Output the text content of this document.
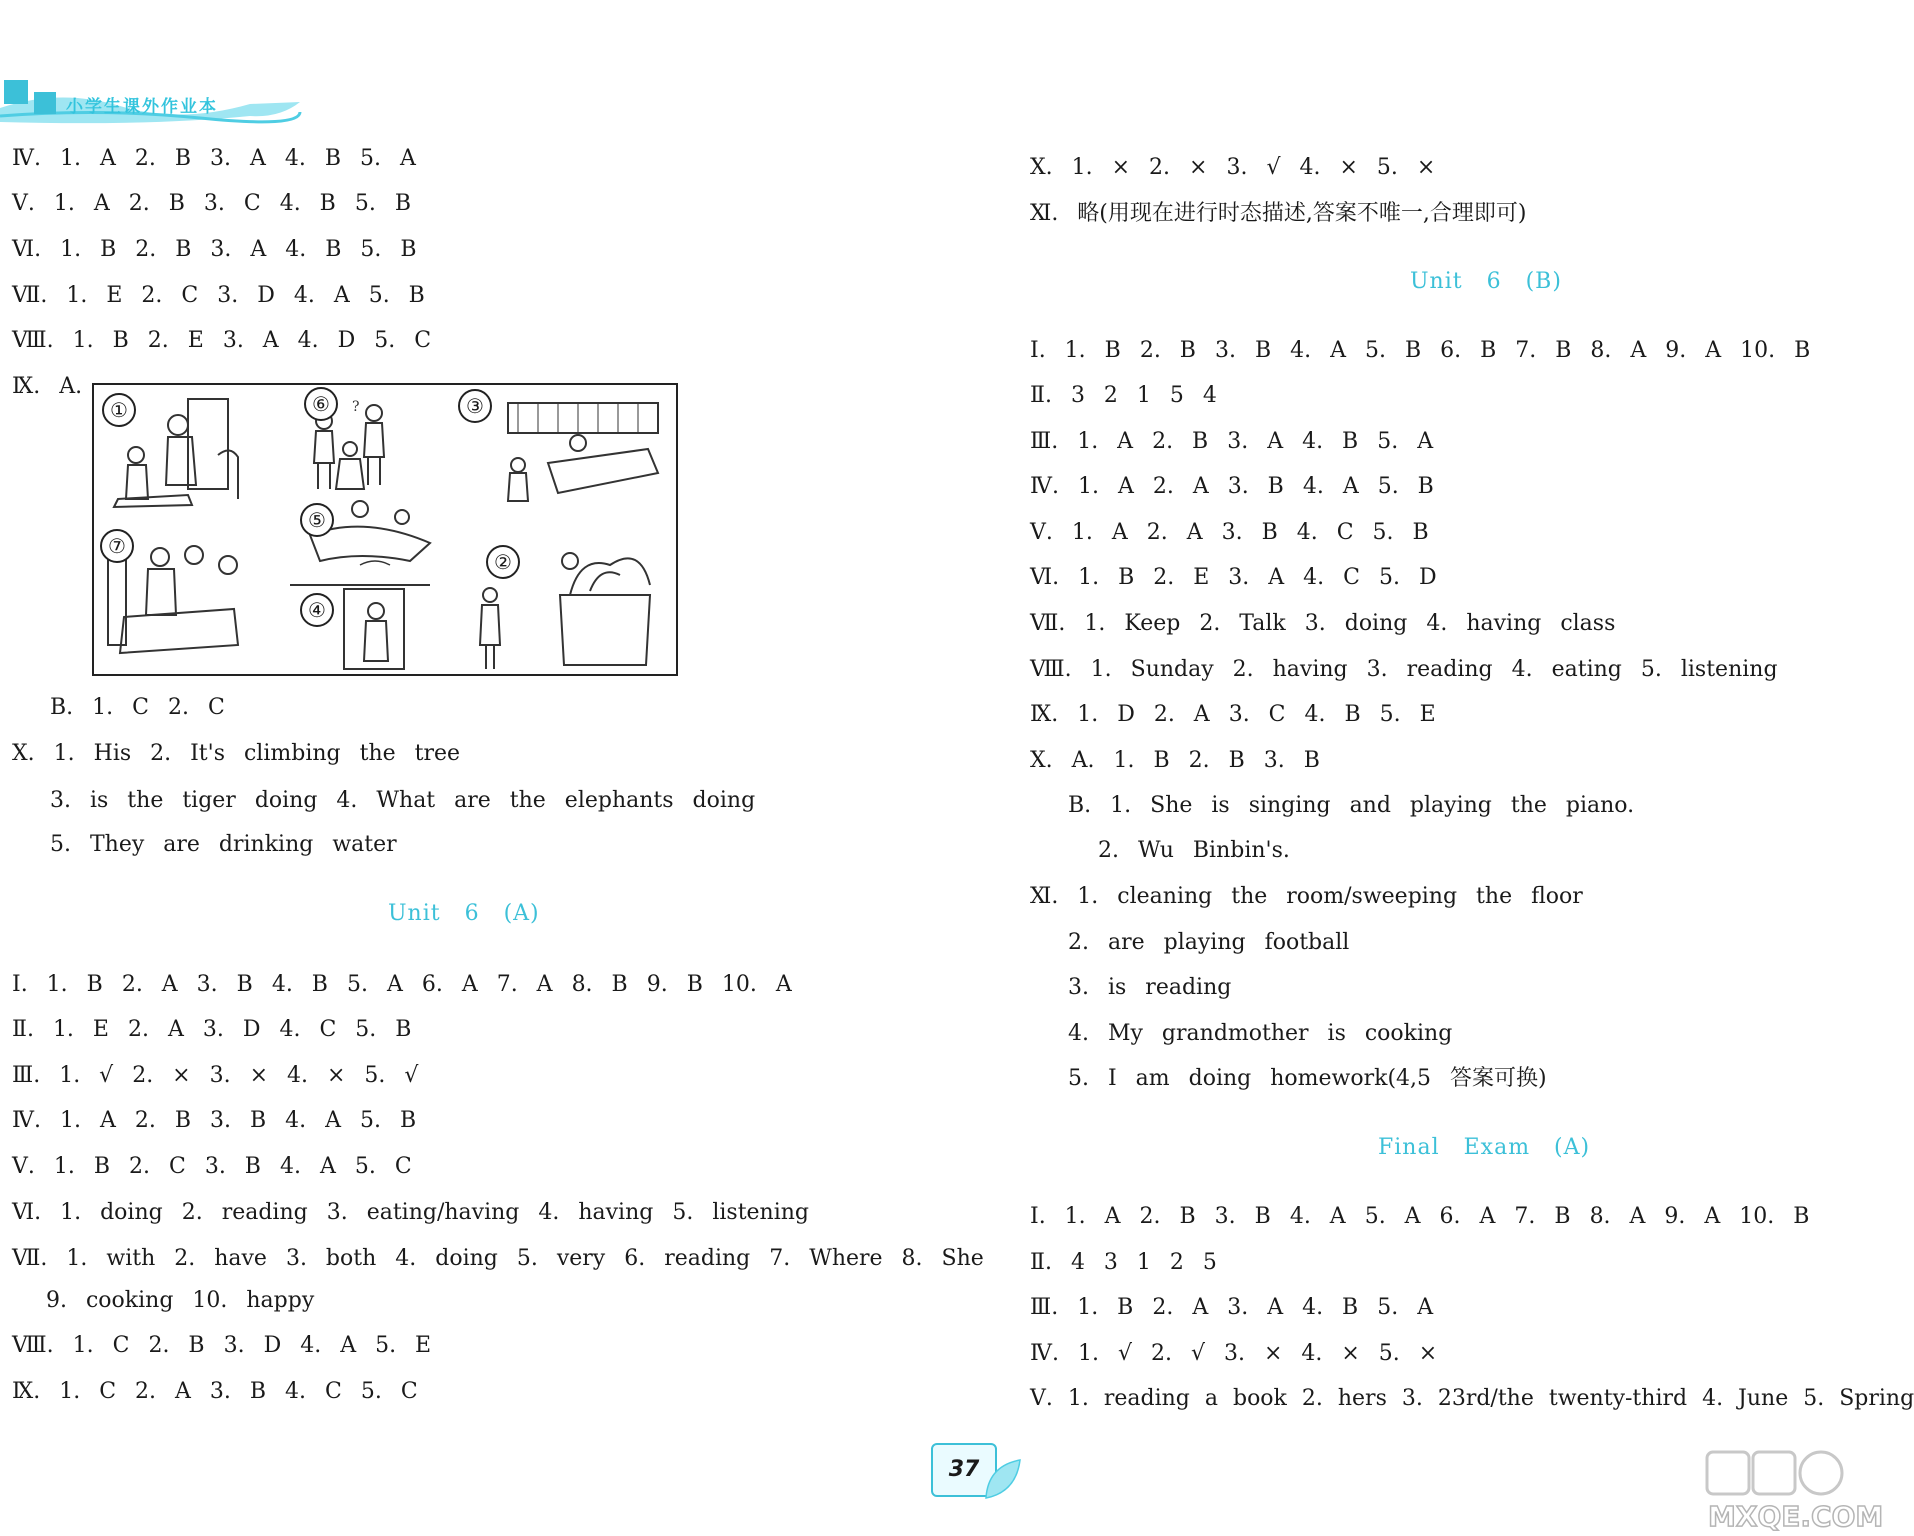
小学生课外作业本
Ⅳ. 1. A 2. B 3. A 4. B 5. A
Ⅴ. 1. A 2. B 3. C 4. B 5. B
Ⅵ. 1. B 2. B 3. A 4. B 5. B
Ⅶ. 1. E 2. C 3. D 4. A 5. B
Ⅷ. 1. B 2. E 3. A 4. D 5. C
Ⅸ. A.
?
①	⑥	③
⑤
⑦
②
④
B. 1. C 2. C
Ⅹ. 1. His 2. It's climbing the tree
3. is the tiger doing 4. What are the elephants doing
5. They are drinking water
Unit 6 (A)
Ⅰ. 1. B 2. A 3. B 4. B 5. A 6. A 7. A 8. B 9. B 10. A
Ⅱ. 1. E 2. A 3. D 4. C 5. B
Ⅲ. 1. √ 2. × 3. × 4. × 5. √
Ⅳ. 1. A 2. B 3. B 4. A 5. B
Ⅴ. 1. B 2. C 3. B 4. A 5. C
Ⅵ. 1. doing 2. reading 3. eating/having 4. having 5. listening
Ⅶ. 1. with 2. have 3. both 4. doing 5. very 6. reading 7. Where 8. She
9. cooking 10. happy
Ⅷ. 1. C 2. B 3. D 4. A 5. E
Ⅸ. 1. C 2. A 3. B 4. C 5. C
Ⅹ. 1. × 2. × 3. √ 4. × 5. ×
Ⅺ. 略(用现在进行时态描述,答案不唯一,合理即可)
Unit 6 (B)
Ⅰ. 1. B 2. B 3. B 4. A 5. B 6. B 7. B 8. A 9. A 10. B
Ⅱ. 3 2 1 5 4
Ⅲ. 1. A 2. B 3. A 4. B 5. A
Ⅳ. 1. A 2. A 3. B 4. A 5. B
Ⅴ. 1. A 2. A 3. B 4. C 5. B
Ⅵ. 1. B 2. E 3. A 4. C 5. D
Ⅶ. 1. Keep 2. Talk 3. doing 4. having class
Ⅷ. 1. Sunday 2. having 3. reading 4. eating 5. listening
Ⅸ. 1. D 2. A 3. C 4. B 5. E
Ⅹ. A. 1. B 2. B 3. B
B. 1. She is singing and playing the piano.
2. Wu Binbin's.
Ⅺ. 1. cleaning the room/sweeping the floor
2. are playing football
3. is reading
4. My grandmother is cooking
5. I am doing homework(4,5 答案可换)
Final Exam (A)
Ⅰ. 1. A 2. B 3. B 4. A 5. A 6. A 7. B 8. A 9. A 10. B
Ⅱ. 4 3 1 2 5
Ⅲ. 1. B 2. A 3. A 4. B 5. A
Ⅳ. 1. √ 2. √ 3. × 4. × 5. ×
Ⅴ. 1. reading a book 2. hers 3. 23rd/the twenty-third 4. June 5. Spring
37
MXQE.COM
